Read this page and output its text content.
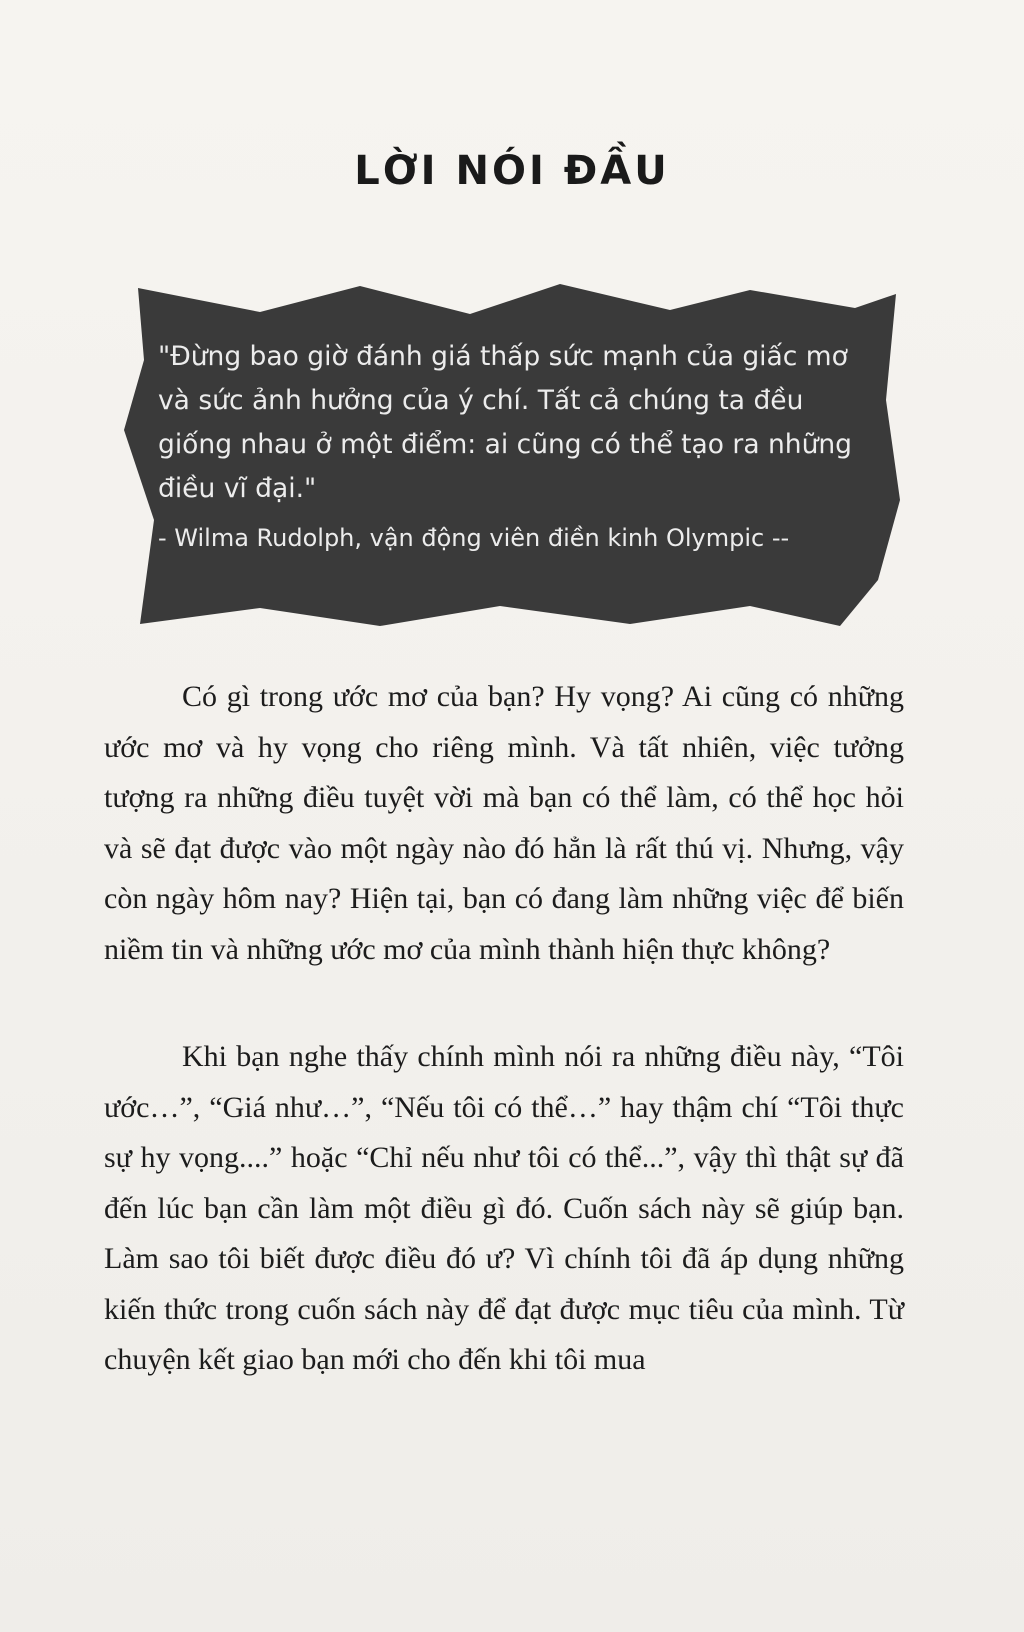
LỜI NÓI ĐẦU

"Đừng bao giờ đánh giá thấp sức mạnh của giấc mơ và sức ảnh hưởng của ý chí. Tất cả chúng ta đều giống nhau ở một điểm: ai cũng có thể tạo ra những điều vĩ đại."

- Wilma Rudolph, vận động viên điền kinh Olympic --

Có gì trong ước mơ của bạn? Hy vọng? Ai cũng có những ước mơ và hy vọng cho riêng mình. Và tất nhiên, việc tưởng tượng ra những điều tuyệt vời mà bạn có thể làm, có thể học hỏi và sẽ đạt được vào một ngày nào đó hẳn là rất thú vị. Nhưng, vậy còn ngày hôm nay? Hiện tại, bạn có đang làm những việc để biến niềm tin và những ước mơ của mình thành hiện thực không?

Khi bạn nghe thấy chính mình nói ra những điều này, “Tôi ước…”, “Giá như…”, “Nếu tôi có thể…” hay thậm chí “Tôi thực sự hy vọng....” hoặc “Chỉ nếu như tôi có thể...”, vậy thì thật sự đã đến lúc bạn cần làm một điều gì đó. Cuốn sách này sẽ giúp bạn. Làm sao tôi biết được điều đó ư? Vì chính tôi đã áp dụng những kiến thức trong cuốn sách này để đạt được mục tiêu của mình. Từ chuyện kết giao bạn mới cho đến khi tôi mua
